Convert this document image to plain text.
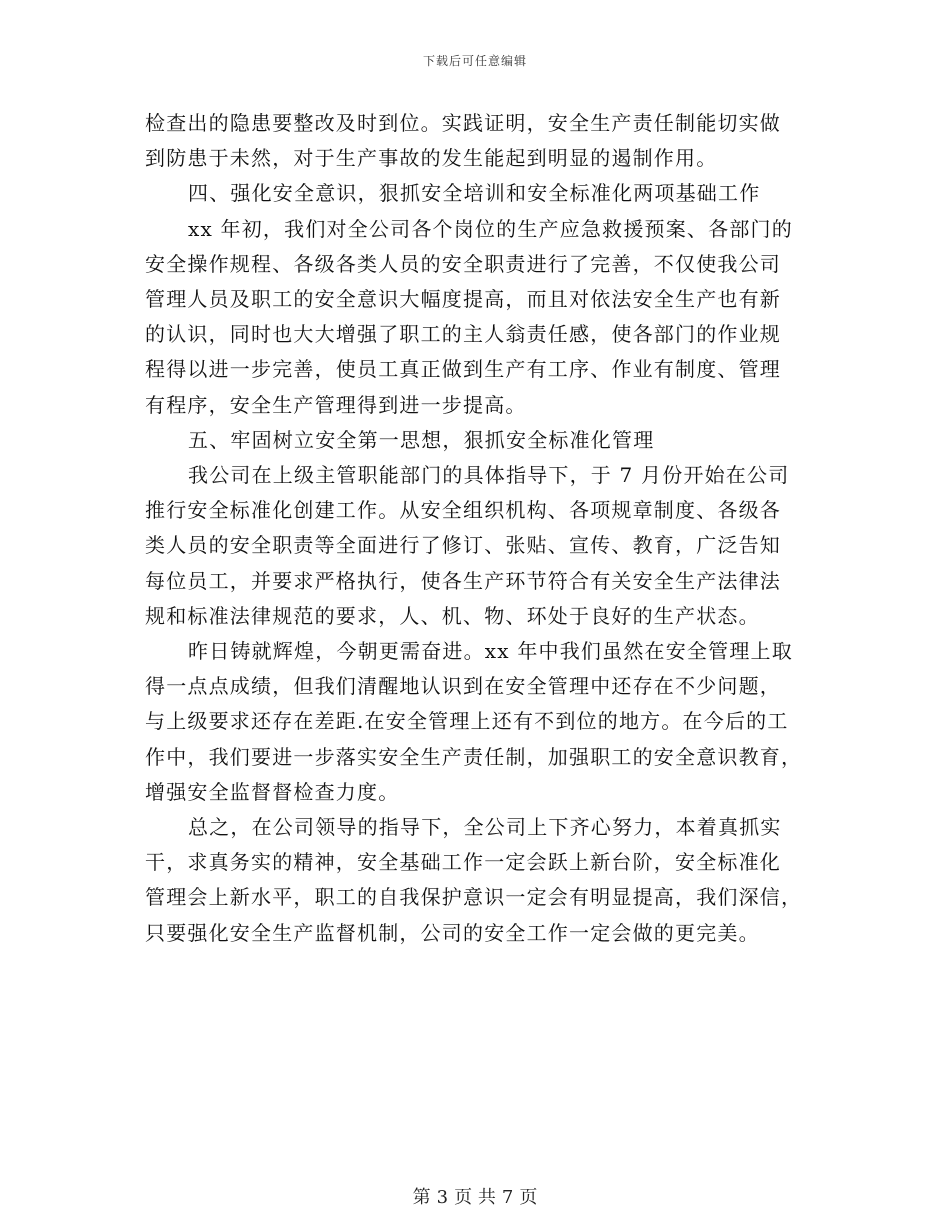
下载后可任意编辑
检查出的隐患要整改及时到位。实践证明，安全生产责任制能切实做
到防患于未然，对于生产事故的发生能起到明显的遏制作用。
四、强化安全意识，狠抓安全培训和安全标准化两项基础工作
xx 年初，我们对全公司各个岗位的生产应急救援预案、各部门的
安全操作规程、各级各类人员的安全职责进行了完善，不仅使我公司
管理人员及职工的安全意识大幅度提高，而且对依法安全生产也有新
的认识，同时也大大增强了职工的主人翁责任感，使各部门的作业规
程得以进一步完善，使员工真正做到生产有工序、作业有制度、管理
有程序，安全生产管理得到进一步提高。
五、牢固树立安全第一思想，狠抓安全标准化管理
我公司在上级主管职能部门的具体指导下，于 7 月份开始在公司
推行安全标准化创建工作。从安全组织机构、各项规章制度、各级各
类人员的安全职责等全面进行了修订、张贴、宣传、教育，广泛告知
每位员工，并要求严格执行，使各生产环节符合有关安全生产法律法
规和标准法律规范的要求，人、机、物、环处于良好的生产状态。
昨日铸就辉煌，今朝更需奋进。xx 年中我们虽然在安全管理上取
得一点点成绩，但我们清醒地认识到在安全管理中还存在不少问题，
与上级要求还存在差距.在安全管理上还有不到位的地方。在今后的工
作中，我们要进一步落实安全生产责任制，加强职工的安全意识教育，
增强安全监督督检查力度。
总之，在公司领导的指导下，全公司上下齐心努力，本着真抓实
干，求真务实的精神，安全基础工作一定会跃上新台阶，安全标准化
管理会上新水平，职工的自我保护意识一定会有明显提高，我们深信，
只要强化安全生产监督机制，公司的安全工作一定会做的更完美。
第 3 页 共 7 页
